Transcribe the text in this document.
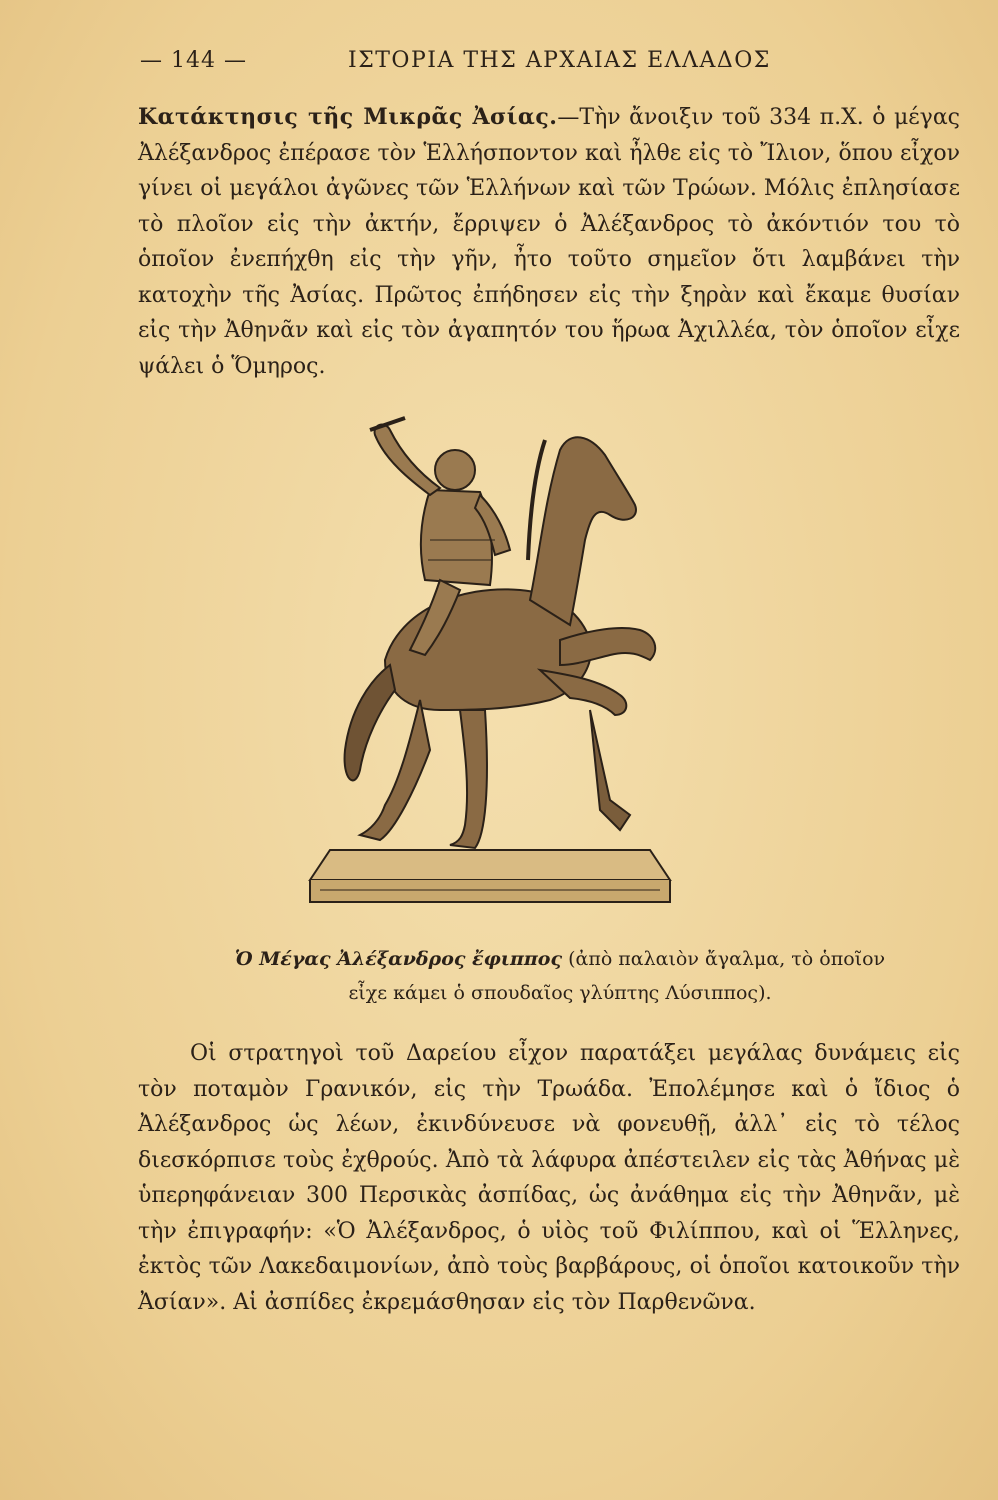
— 144 —	ΙΣΤΟΡΙΑ ΤΗΣ ΑΡΧΑΙΑΣ ΕΛΛΑΔΟΣ

Κατάκτησις τῆς Μικρᾶς Ἀσίας.—Τὴν ἄνοιξιν τοῦ 334 π.Χ. ὁ μέγας Ἀλέξανδρος ἐπέρασε τὸν Ἑλλήσποντον καὶ ἦλθε εἰς τὸ Ἴλιον, ὅπου εἶχον γίνει οἱ μεγάλοι ἀγῶνες τῶν Ἑλλήνων καὶ τῶν Τρώων. Μόλις ἐπλησίασε τὸ πλοῖον εἰς τὴν ἀκτήν, ἔρριψεν ὁ Ἀλέξανδρος τὸ ἀκόντιόν του τὸ ὁποῖον ἐνεπήχθη εἰς τὴν γῆν, ἦτο τοῦτο σημεῖον ὅτι λαμβάνει τὴν κατοχὴν τῆς Ἀσίας. Πρῶτος ἐπήδησεν εἰς τὴν ξηρὰν καὶ ἔκαμε θυσίαν εἰς τὴν Ἀθηνᾶν καὶ εἰς τὸν ἀγαπητόν του ἥρωα Ἀχιλλέα, τὸν ὁποῖον εἶχε ψάλει ὁ Ὅμηρος.

Ὁ Μέγας Ἀλέξανδρος ἔφιππος (ἀπὸ παλαιὸν ἄγαλμα, τὸ ὁποῖον εἶχε κάμει ὁ σπουδαῖος γλύπτης Λύσιππος).

Οἱ στρατηγοὶ τοῦ Δαρείου εἶχον παρατάξει μεγάλας δυνάμεις εἰς τὸν ποταμὸν Γρανικόν, εἰς τὴν Τρωάδα. Ἐπολέμησε καὶ ὁ ἴδιος ὁ Ἀλέξανδρος ὡς λέων, ἐκινδύνευσε νὰ φονευθῇ, ἀλλ᾿ εἰς τὸ τέλος διεσκόρπισε τοὺς ἐχθρούς. Ἀπὸ τὰ λάφυρα ἀπέστειλεν εἰς τὰς Ἀθήνας μὲ ὑπερηφάνειαν 300 Περσικὰς ἀσπίδας, ὡς ἀνάθημα εἰς τὴν Ἀθηνᾶν, μὲ τὴν ἐπιγραφήν: «Ὁ Ἀλέξανδρος, ὁ υἱὸς τοῦ Φιλίππου, καὶ οἱ Ἕλληνες, ἐκτὸς τῶν Λακεδαιμονίων, ἀπὸ τοὺς βαρβάρους, οἱ ὁποῖοι κατοικοῦν τὴν Ἀσίαν». Αἱ ἀσπίδες ἐκρεμάσθησαν εἰς τὸν Παρθενῶνα.
